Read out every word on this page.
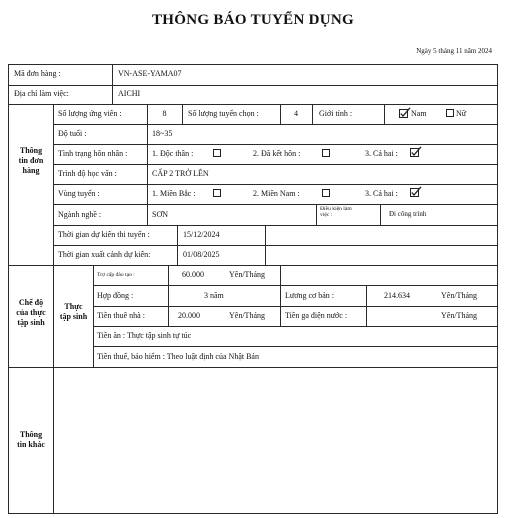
THÔNG BÁO TUYỂN DỤNG
Ngày 5 tháng 11 năm 2024
Mã đơn hàng :	VN-ASE-YAMA07
Địa chỉ làm việc:	AICHI
Thông
tin đơn
hàng
Số lượng ứng viên :	8	Số lượng tuyển chọn :	4	Giới tính :	Nam	Nữ
Độ tuổi :	18~35
Tình trạng hôn nhân :	1. Độc thân :	2. Đã kết hôn :	3. Cả hai :
Trình độ học vấn :	CẤP 2 TRỞ LÊN
Vùng tuyển :	1. Miền Bắc :	2. Miền Nam :	3. Cả hai :
Ngành nghề :	SƠN
Điều kiện làm
việc :	Đi công trình
Thời gian dự kiến thi tuyển :	15/12/2024
Thời gian xuất cảnh dự kiến:	01/08/2025
Chế độ
của thực
tập sinh
Thực
tập sinh
Trợ cấp đào tạo :	60.000	Yên/Tháng
Hợp đồng :	3 năm	Lương cơ bản :	214.634	Yên/Tháng
Tiền thuê nhà :	20.000	Yên/Tháng	Tiền ga điện nước :	Yên/Tháng
Tiền ăn : Thực tập sinh tự túc
Tiền thuế, bảo hiểm : Theo luật định của Nhật Bản
Thông
tin khác
